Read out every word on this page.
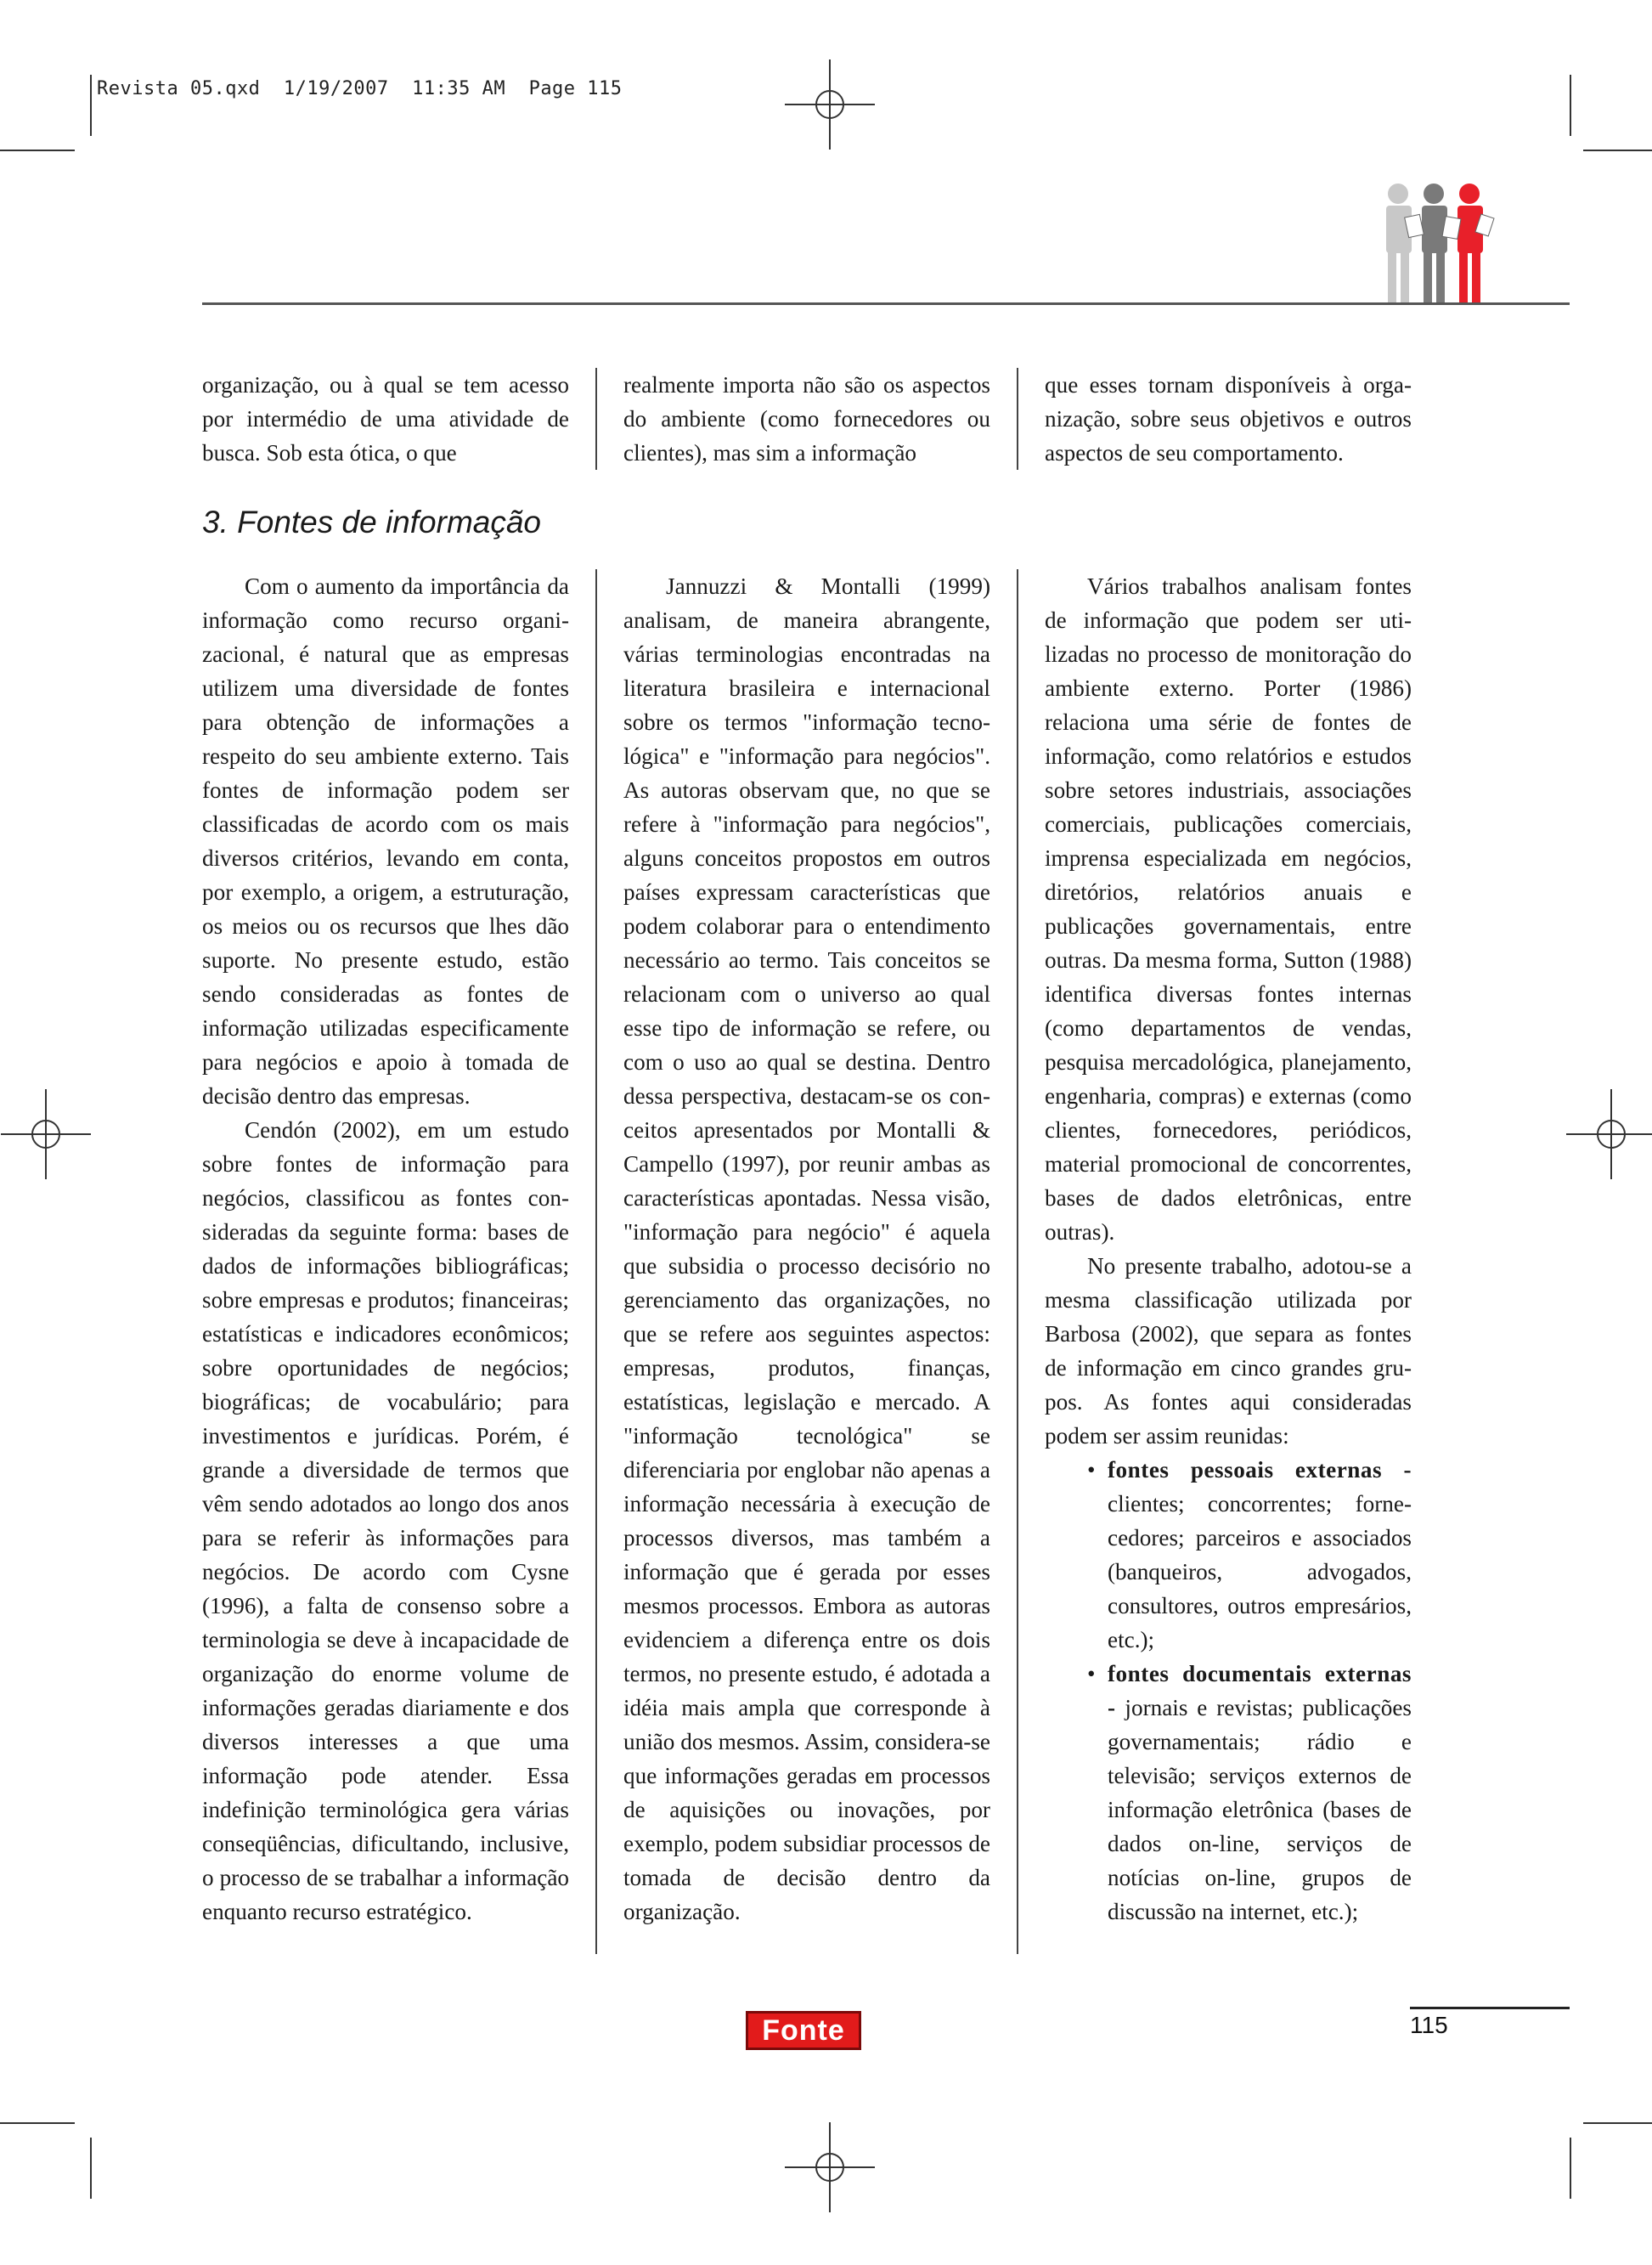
Revista 05.qxd  1/19/2007  11:35 AM  Page 115

organização, ou à qual se tem acesso por intermédio de uma atividade de busca. Sob esta ótica, o que

realmente importa não são os aspectos do ambiente (como fornecedores ou clientes), mas sim a informação

que esses tornam disponíveis à organização, sobre seus objetivos e outros aspectos de seu comportamento.

3. Fontes de informação

Com o aumento da importância da informação como recurso organizacional, é natural que as empresas utilizem uma diversidade de fontes para obtenção de informações a respeito do seu ambiente externo. Tais fontes de informação podem ser classificadas de acordo com os mais diversos critérios, levando em conta, por exemplo, a origem, a estruturação, os meios ou os recursos que lhes dão suporte. No presente estudo, estão sendo consideradas as fontes de informação utilizadas especificamente para negócios e apoio à tomada de decisão dentro das empresas.

Cendón (2002), em um estudo sobre fontes de informação para negócios, classificou as fontes consideradas da seguinte forma: bases de dados de informações bibliográficas; sobre empresas e produtos; financeiras; estatísticas e indicadores econômicos; sobre oportunidades de negócios; biográficas; de vocabulário; para investimentos e jurídicas. Porém, é grande a diversidade de termos que vêm sendo adotados ao longo dos anos para se referir às informações para negócios. De acordo com Cysne (1996), a falta de consenso sobre a terminologia se deve à incapacidade de organização do enorme volume de informações geradas diariamente e dos diversos interesses a que uma informação pode atender. Essa indefinição terminológica gera várias conseqüências, dificultando, inclusive, o processo de se trabalhar a informação enquanto recurso estratégico.

Jannuzzi & Montalli (1999) analisam, de maneira abrangente, várias terminologias encontradas na literatura brasileira e internacional sobre os termos "informação tecnológica" e "informação para negócios". As autoras observam que, no que se refere à "informação para negócios", alguns conceitos propostos em outros países expressam características que podem colaborar para o entendimento necessário ao termo. Tais conceitos se relacionam com o universo ao qual esse tipo de informação se refere, ou com o uso ao qual se destina. Dentro dessa perspectiva, destacam-se os conceitos apresentados por Montalli & Campello (1997), por reunir ambas as características apontadas. Nessa visão, "informação para negócio" é aquela que subsidia o processo decisório no gerenciamento das organizações, no que se refere aos seguintes aspectos: empresas, produtos, finanças, estatísticas, legislação e mercado. A "informação tecnológica" se diferenciaria por englobar não apenas a informação necessária à execução de processos diversos, mas também a informação que é gerada por esses mesmos processos. Embora as autoras evidenciem a diferença entre os dois termos, no presente estudo, é adotada a idéia mais ampla que corresponde à união dos mesmos. Assim, considera-se que informações geradas em processos de aquisições ou inovações, por exemplo, podem subsidiar processos de tomada de decisão dentro da organização.

Vários trabalhos analisam fontes de informação que podem ser utilizadas no processo de monitoração do ambiente externo. Porter (1986) relaciona uma série de fontes de informação, como relatórios e estudos sobre setores industriais, associações comerciais, publicações comerciais, imprensa especializada em negócios, diretórios, relatórios anuais e publicações governamentais, entre outras. Da mesma forma, Sutton (1988) identifica diversas fontes internas (como departamentos de vendas, pesquisa mercadológica, planejamento, engenharia, compras) e externas (como clientes, fornecedores, periódicos, material promocional de concorrentes, bases de dados eletrônicas, entre outras).

No presente trabalho, adotou-se a mesma classificação utilizada por Barbosa (2002), que separa as fontes de informação em cinco grandes grupos. As fontes aqui consideradas podem ser assim reunidas:

• fontes pessoais externas - clientes; concorrentes; fornecedores; parceiros e associados (banqueiros, advogados, consultores, outros empresários, etc.);
• fontes documentais externas - jornais e revistas; publicações governamentais; rádio e televisão; serviços externos de informação eletrônica (bases de dados on-line, serviços de notícias on-line, grupos de discussão na internet, etc.);
Fonte	115
